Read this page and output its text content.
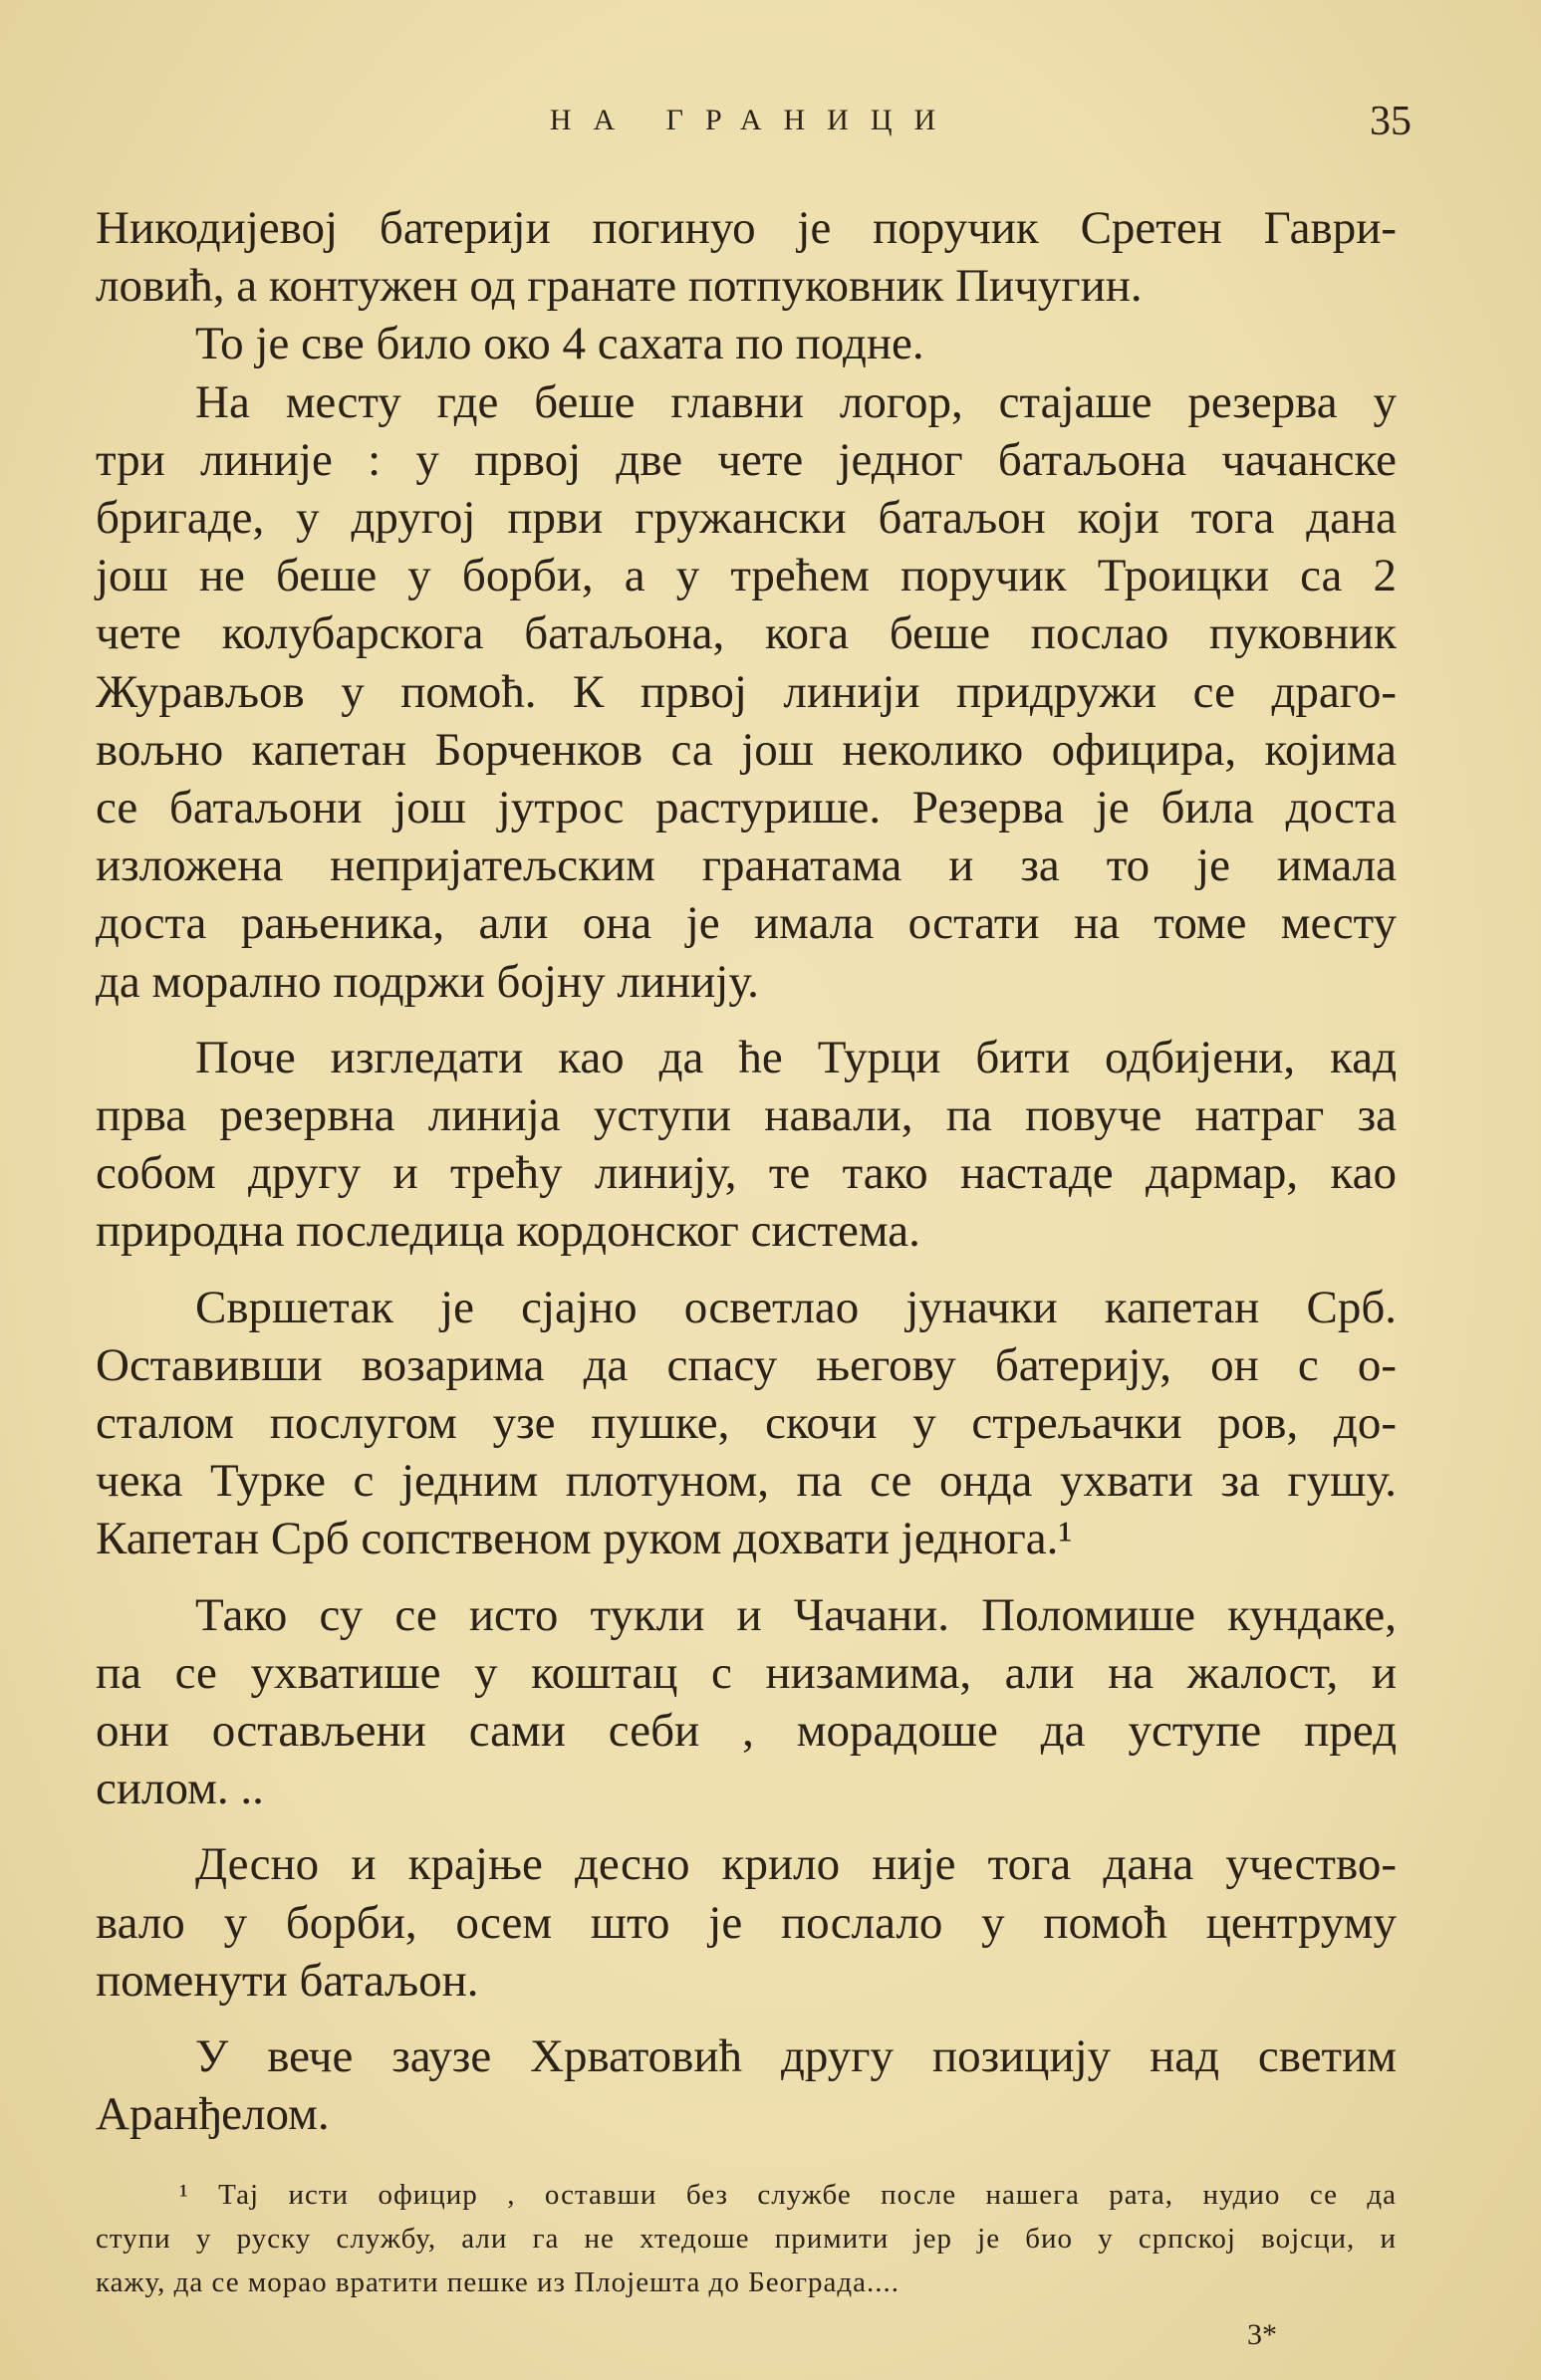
НА ГРАНИЦИ	35
Никодијевој батерији погинуо је поручик Сретен Гаври-
ловић, а контужен од гранате потпуковник Пичугин.
То је све било око 4 сахата по подне.
На месту где беше главни логор, стајаше резерва у
три линије : у првој две чете једног батаљона чачанске
бригаде, у другој први гружански батаљон који тога дана
још не беше у борби, а у трећем поручик Троицки са 2
чете колубарскога батаљона, кога беше послао пуковник
Журављов у помоћ. К првој линији придружи се драго-
вољно капетан Борченков са још неколико официра, којима
се батаљони још јутрос растурише. Резерва је била доста
изложена непријатељским гранатама и за то је имала
доста рањеника, али она је имала остати на томе месту
да морално подржи бојну линију.
Поче изгледати као да ће Турци бити одбијени, кад
прва резервна линија уступи навали, па повуче натраг за
собом другу и трећу линију, те тако настаде дармар, као
природна последица кордонског система.
Свршетак је сјајно осветлао јуначки капетан Срб.
Оставивши возарима да спасу његову батерију, он с о-
сталом послугом узе пушке, скочи у стрељачки ров, до-
чека Турке с једним плотуном, па се онда ухвати за гушу.
Капетан Срб сопственом руком дохвати једнога.¹
Тако су се исто тукли и Чачани. Поломише кундаке,
па се ухватише у коштац с низамима, али на жалост, и
они остављени сами себи , морадоше да уступе пред
силом. ..
Десно и крајње десно крило није тога дана учество-
вало у борби, осем што је послало у помоћ центруму
поменути батаљон.
У вече заузе Хрватовић другу позицију над светим
Аранђелом.
¹ Тај исти официр , оставши без службе после нашега рата, нудио се да
ступи у руску службу, али га не хтедоше примити јер је био у српској војсци, и
кажу, да се морао вратити пешке из Плојешта до Београда....
3*
